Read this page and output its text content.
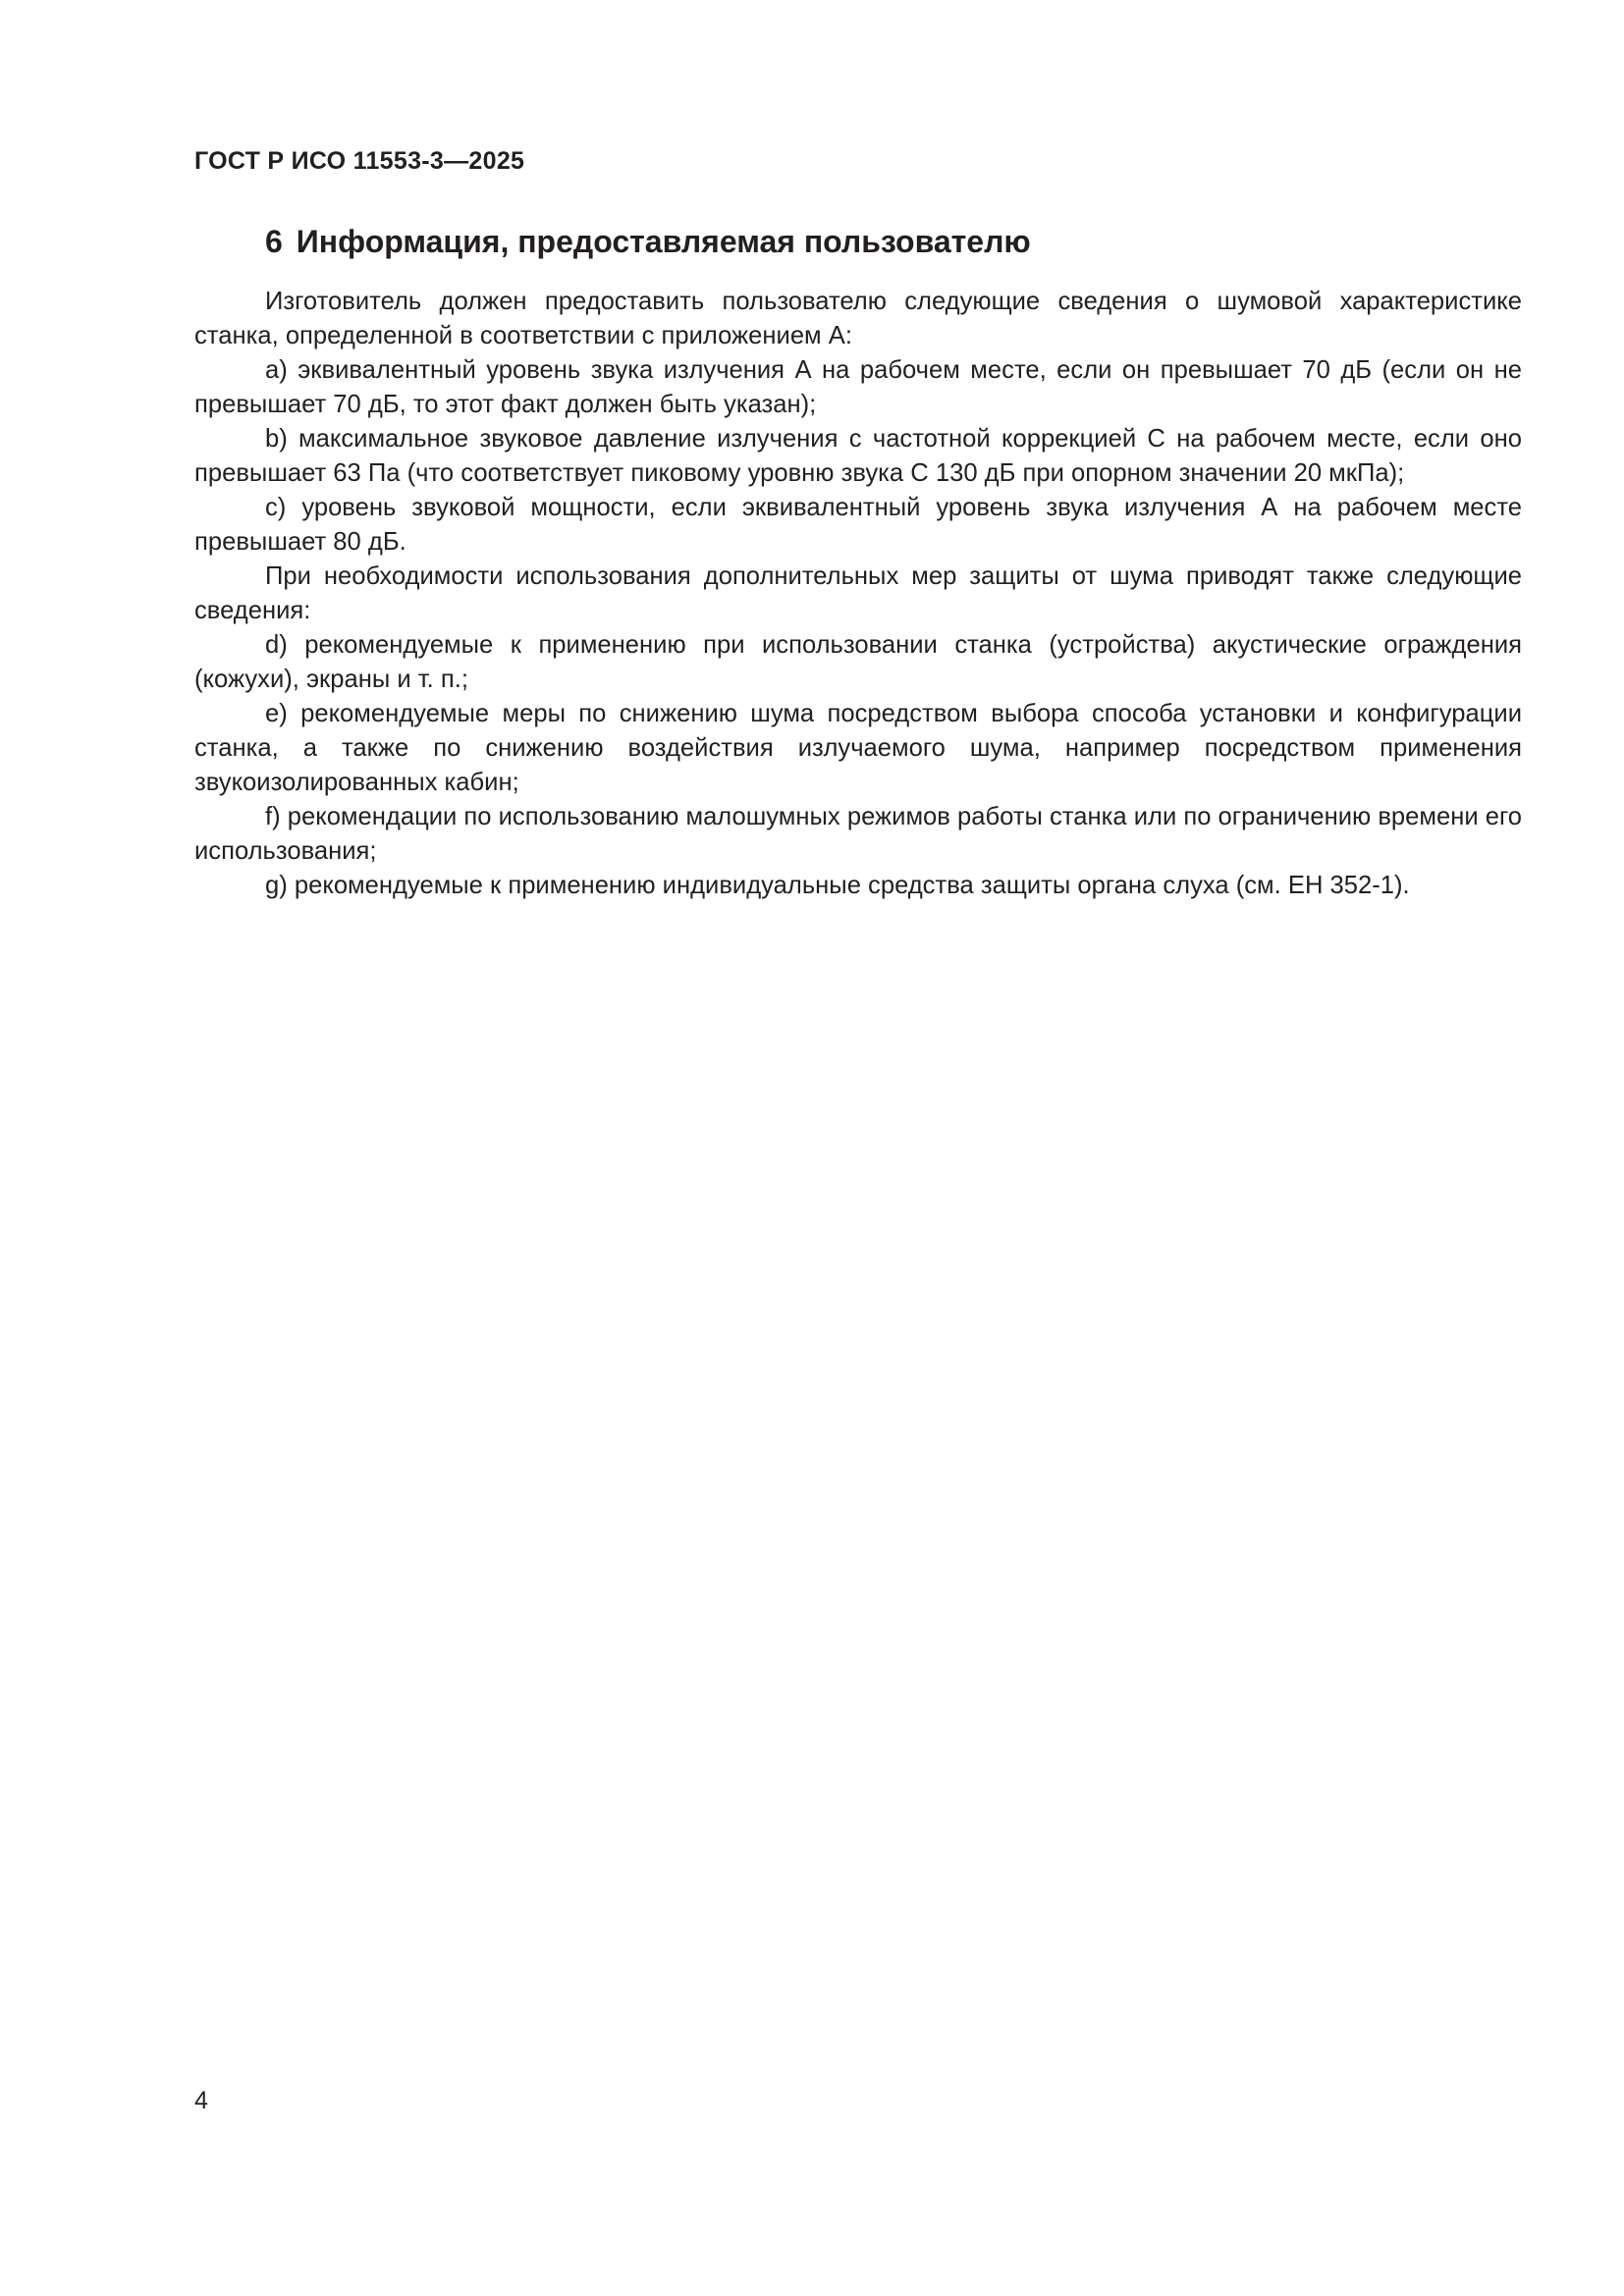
ГОСТ Р ИСО 11553-3—2025
6 Информация, предоставляемая пользователю

Изготовитель должен предоставить пользователю следующие сведения о шумовой характеристике станка, определенной в соответствии с приложением А:

а) эквивалентный уровень звука излучения А на рабочем месте, если он превышает 70 дБ (если он не превышает 70 дБ, то этот факт должен быть указан);

b) максимальное звуковое давление излучения с частотной коррекцией С на рабочем месте, если оно превышает 63 Па (что соответствует пиковому уровню звука С 130 дБ при опорном значении 20 мкПа);

c) уровень звуковой мощности, если эквивалентный уровень звука излучения А на рабочем месте превышает 80 дБ.

При необходимости использования дополнительных мер защиты от шума приводят также следующие сведения:

d) рекомендуемые к применению при использовании станка (устройства) акустические ограждения (кожухи), экраны и т. п.;

е) рекомендуемые меры по снижению шума посредством выбора способа установки и конфигурации станка, а также по снижению воздействия излучаемого шума, например посредством применения звукоизолированных кабин;

f) рекомендации по использованию малошумных режимов работы станка или по ограничению времени его использования;

g) рекомендуемые к применению индивидуальные средства защиты органа слуха (см. ЕН 352-1).

4
